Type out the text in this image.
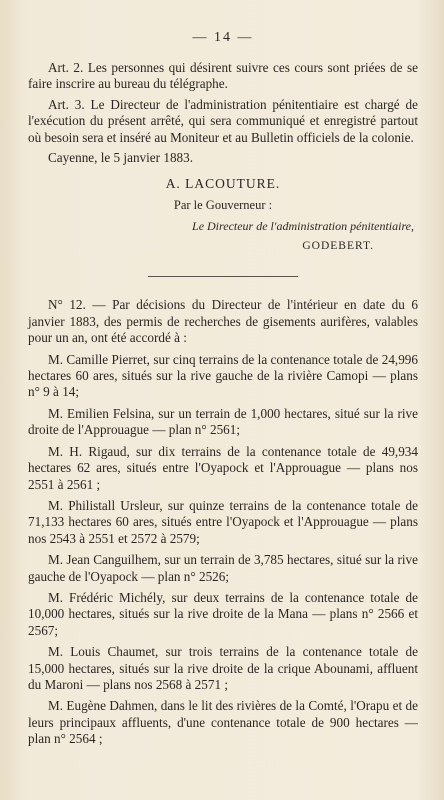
— 14 —

Art. 2. Les personnes qui désirent suivre ces cours sont priées de se faire inscrire au bureau du télégraphe.

Art. 3. Le Directeur de l'administration pénitentiaire est chargé de l'exécution du présent arrêté, qui sera communiqué et enregistré partout où besoin sera et inséré au Moniteur et au Bulletin officiels de la colonie.

Cayenne, le 5 janvier 1883.

A. LACOUTURE.
Par le Gouverneur :
Le Directeur de l'administration pénitentiaire,
GODEBERT.

N° 12. — Par décisions du Directeur de l'intérieur en date du 6 janvier 1883, des permis de recherches de gisements aurifères, valables pour un an, ont été accordé à :

M. Camille Pierret, sur cinq terrains de la contenance totale de 24,996 hectares 60 ares, situés sur la rive gauche de la rivière Camopi — plans n° 9 à 14;

M. Emilien Felsina, sur un terrain de 1,000 hectares, situé sur la rive droite de l'Approuague — plan n° 2561;

M. H. Rigaud, sur dix terrains de la contenance totale de 49,934 hectares 62 ares, situés entre l'Oyapock et l'Approuague — plans nos 2551 à 2561 ;

M. Philistall Ursleur, sur quinze terrains de la contenance totale de 71,133 hectares 60 ares, situés entre l'Oyapock et l'Approuague — plans nos 2543 à 2551 et 2572 à 2579;

M. Jean Canguilhem, sur un terrain de 3,785 hectares, situé sur la rive gauche de l'Oyapock — plan n° 2526;

M. Frédéric Michély, sur deux terrains de la contenance totale de 10,000 hectares, situés sur la rive droite de la Mana — plans n° 2566 et 2567;

M. Louis Chaumet, sur trois terrains de la contenance totale de 15,000 hectares, situés sur la rive droite de la crique Abounami, affluent du Maroni — plans nos 2568 à 2571 ;

M. Eugène Dahmen, dans le lit des rivières de la Comté, l'Orapu et de leurs principaux affluents, d'une contenance totale de 900 hectares — plan n° 2564 ;
